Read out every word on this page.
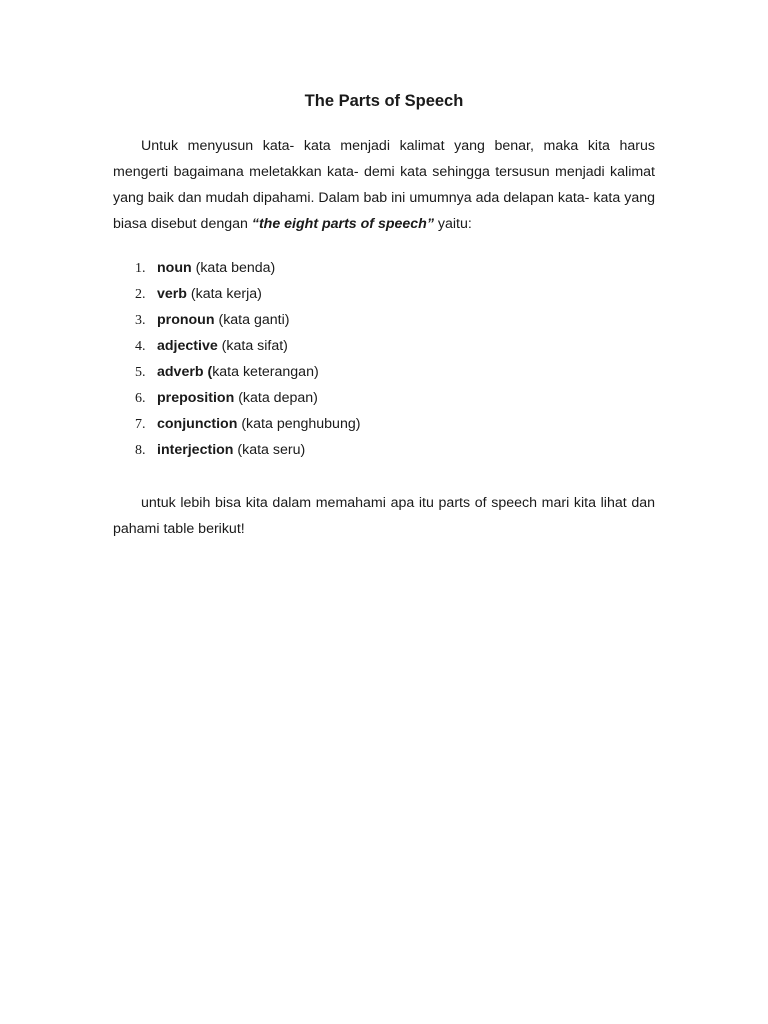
The Parts of Speech

Untuk menyusun kata- kata menjadi kalimat yang benar, maka kita harus mengerti bagaimana meletakkan kata- demi kata sehingga tersusun menjadi kalimat yang baik dan mudah dipahami. Dalam bab ini umumnya ada delapan kata- kata yang biasa disebut dengan “the eight parts of speech” yaitu:

1. noun (kata benda)
2. verb (kata kerja)
3. pronoun (kata ganti)
4. adjective (kata sifat)
5. adverb (kata keterangan)
6. preposition (kata depan)
7. conjunction (kata penghubung)
8. interjection (kata seru)

untuk lebih bisa kita dalam memahami apa itu parts of speech mari kita lihat dan pahami table berikut!
